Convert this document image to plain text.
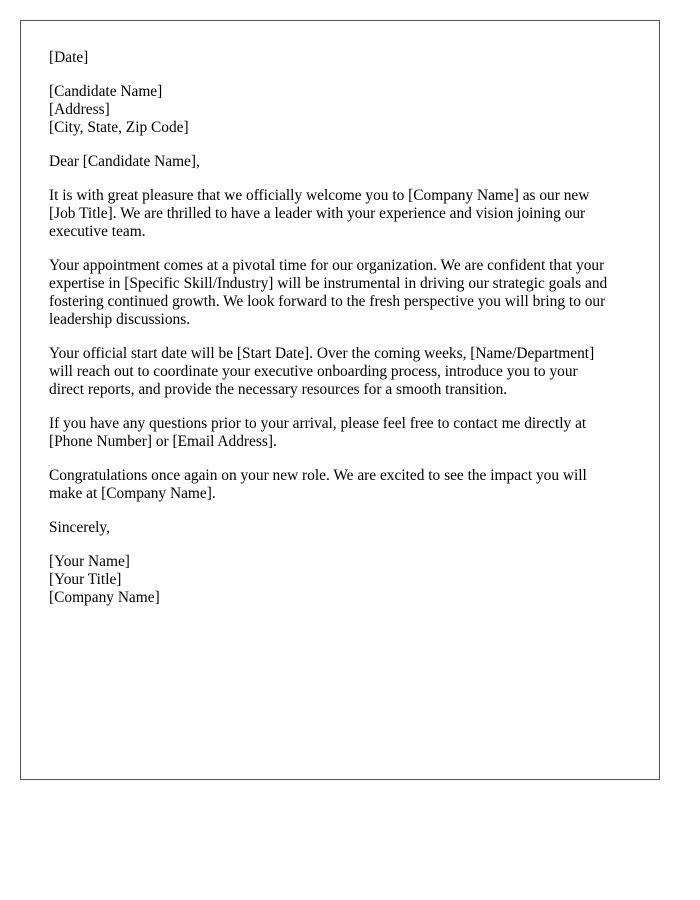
[Date]
[Candidate Name]
[Address]
[City, State, Zip Code]
Dear [Candidate Name],

It is with great pleasure that we officially welcome you to [Company Name] as our new
[Job Title]. We are thrilled to have a leader with your experience and vision joining our
executive team.

Your appointment comes at a pivotal time for our organization. We are confident that your
expertise in [Specific Skill/Industry] will be instrumental in driving our strategic goals and
fostering continued growth. We look forward to the fresh perspective you will bring to our
leadership discussions.

Your official start date will be [Start Date]. Over the coming weeks, [Name/Department]
will reach out to coordinate your executive onboarding process, introduce you to your
direct reports, and provide the necessary resources for a smooth transition.

If you have any questions prior to your arrival, please feel free to contact me directly at
[Phone Number] or [Email Address].

Congratulations once again on your new role. We are excited to see the impact you will
make at [Company Name].

Sincerely,
[Your Name]
[Your Title]
[Company Name]
